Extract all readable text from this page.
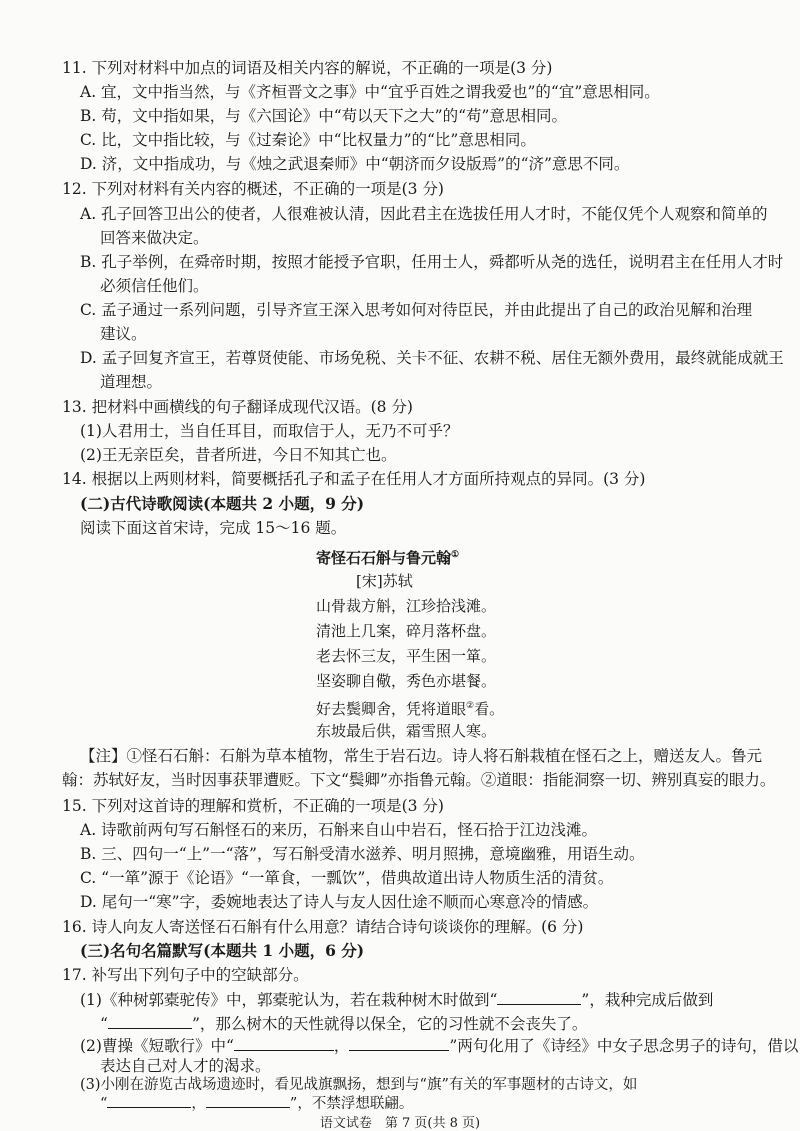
11. 下列对材料中加点的词语及相关内容的解说，不正确的一项是(3 分)
A. 宜，文中指当然，与《齐桓晋文之事》中“宜乎百姓之谓我爱也”的“宜”意思相同。
B. 苟，文中指如果，与《六国论》中“苟以天下之大”的“苟”意思相同。
C. 比，文中指比较，与《过秦论》中“比权量力”的“比”意思相同。
D. 济，文中指成功，与《烛之武退秦师》中“朝济而夕设版焉”的“济”意思不同。
12. 下列对材料有关内容的概述，不正确的一项是(3 分)
A. 孔子回答卫出公的使者，人很难被认清，因此君主在选拔任用人才时，不能仅凭个人观察和简单的
回答来做决定。
B. 孔子举例，在舜帝时期，按照才能授予官职，任用士人，舜都听从尧的选任，说明君主在任用人才时
必须信任他们。
C. 孟子通过一系列问题，引导齐宣王深入思考如何对待臣民，并由此提出了自己的政治见解和治理
建议。
D. 孟子回复齐宣王，若尊贤使能、市场免税、关卡不征、农耕不税、居住无额外费用，最终就能成就王
道理想。
13. 把材料中画横线的句子翻译成现代汉语。(8 分)
(1)人君用士，当自任耳目，而取信于人，无乃不可乎？
(2)王无亲臣矣，昔者所进，今日不知其亡也。
14. 根据以上两则材料，简要概括孔子和孟子在任用人才方面所持观点的异同。(3 分)
(二)古代诗歌阅读(本题共 2 小题，9 分)
阅读下面这首宋诗，完成 15～16 题。
寄怪石石斛与鲁元翰①
[宋]苏轼
山骨裁方斛，江珍拾浅滩。
清池上几案，碎月落杯盘。
老去怀三友，平生困一箪。
坚姿聊自儆，秀色亦堪餐。
好去鬓卿舍，凭将道眼②看。
东坡最后供，霜雪照人寒。
【注】①怪石石斛：石斛为草本植物，常生于岩石边。诗人将石斛栽植在怪石之上，赠送友人。鲁元
翰：苏轼好友，当时因事获罪遭贬。下文“鬓卿”亦指鲁元翰。②道眼：指能洞察一切、辨别真妄的眼力。
15. 下列对这首诗的理解和赏析，不正确的一项是(3 分)
A. 诗歌前两句写石斛怪石的来历，石斛来自山中岩石，怪石拾于江边浅滩。
B. 三、四句一“上”一“落”，写石斛受清水滋养、明月照拂，意境幽雅，用语生动。
C. “一箪”源于《论语》“一箪食，一瓢饮”，借典故道出诗人物质生活的清贫。
D. 尾句一“寒”字，委婉地表达了诗人与友人因仕途不顺而心寒意冷的情感。
16. 诗人向友人寄送怪石石斛有什么用意？请结合诗句谈谈你的理解。(6 分)
(三)名句名篇默写(本题共 1 小题，6 分)
17. 补写出下列句子中的空缺部分。
(1)《种树郭橐驼传》中，郭橐驼认为，若在栽种树木时做到“	”，栽种完成后做到
“	”，那么树木的天性就得以保全，它的习性就不会丧失了。
(2)曹操《短歌行》中“	，	”两句化用了《诗经》中女子思念男子的诗句，借以
表达自己对人才的渴求。
语文试卷　第 7 页(共 8 页)
(3)小刚在游览古战场遗迹时，看见战旗飘扬，想到与“旗”有关的军事题材的古诗文，如
“	，	”，不禁浮想联翩。
